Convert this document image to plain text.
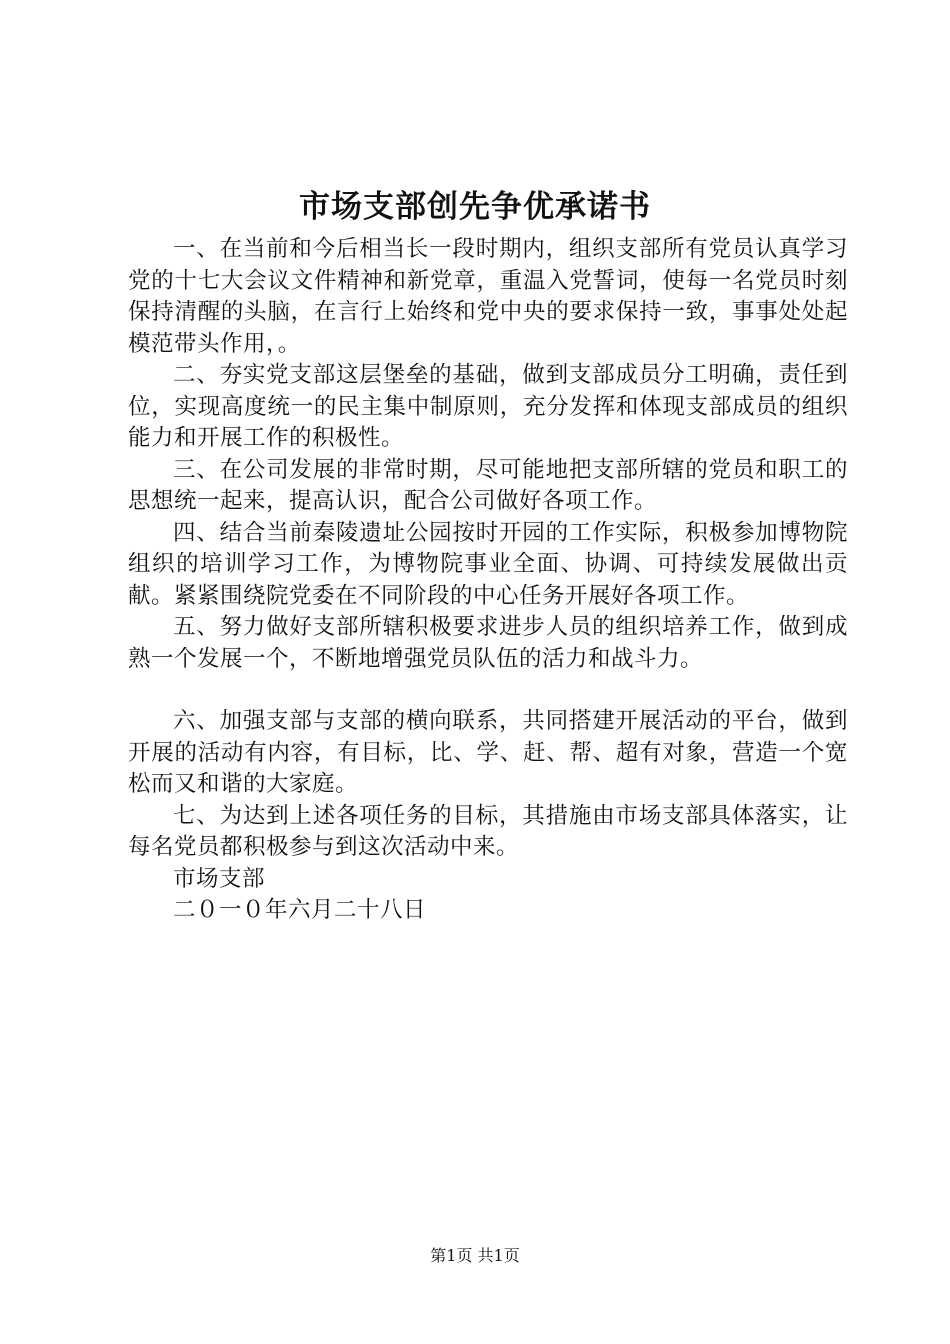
市场支部创先争优承诺书

一、在当前和今后相当长一段时期内，组织支部所有党员认真学习党的十七大会议文件精神和新党章，重温入党誓词，使每一名党员时刻保持清醒的头脑，在言行上始终和党中央的要求保持一致，事事处处起模范带头作用，。

二、夯实党支部这层堡垒的基础，做到支部成员分工明确，责任到位，实现高度统一的民主集中制原则，充分发挥和体现支部成员的组织能力和开展工作的积极性。

三、在公司发展的非常时期，尽可能地把支部所辖的党员和职工的思想统一起来，提高认识，配合公司做好各项工作。

四、结合当前秦陵遗址公园按时开园的工作实际，积极参加博物院组织的培训学习工作，为博物院事业全面、协调、可持续发展做出贡献。紧紧围绕院党委在不同阶段的中心任务开展好各项工作。

五、努力做好支部所辖积极要求进步人员的组织培养工作，做到成熟一个发展一个，不断地增强党员队伍的活力和战斗力。

六、加强支部与支部的横向联系，共同搭建开展活动的平台，做到开展的活动有内容，有目标，比、学、赶、帮、超有对象，营造一个宽松而又和谐的大家庭。

七、为达到上述各项任务的目标，其措施由市场支部具体落实，让每名党员都积极参与到这次活动中来。

市场支部

二０一０年六月二十八日

第1页 共1页
